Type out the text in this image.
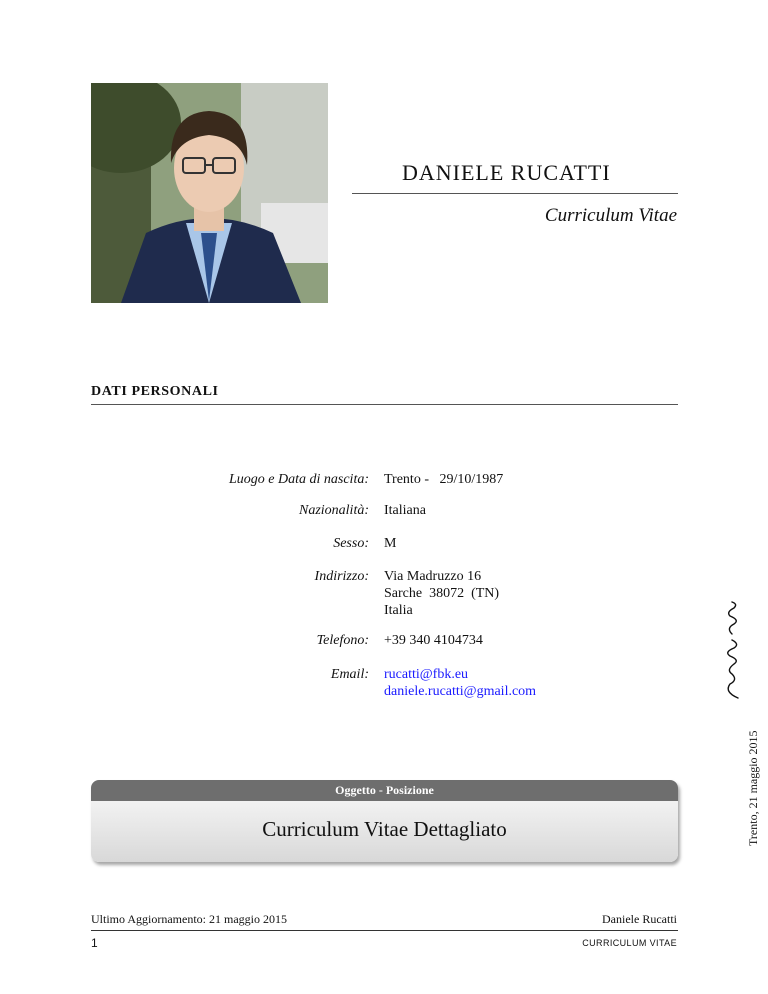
DANIELE RUCATTI
Curriculum Vitae
DATI PERSONALI
Luogo e Data di nascita: Trento -   29/10/1987
Nazionalità: Italiana
Sesso: M
Indirizzo: Via Madruzzo 16
Sarche  38072  (TN)
Italia
Telefono: +39 340 4104734
Email: rucatti@fbk.eu
daniele.rucatti@gmail.com
Trento, 21 maggio 2015
Oggetto - Posizione
Curriculum Vitae Dettagliato
Ultimo Aggiornamento: 21 maggio 2015	Daniele Rucatti
1	CURRICULUM VITAE
